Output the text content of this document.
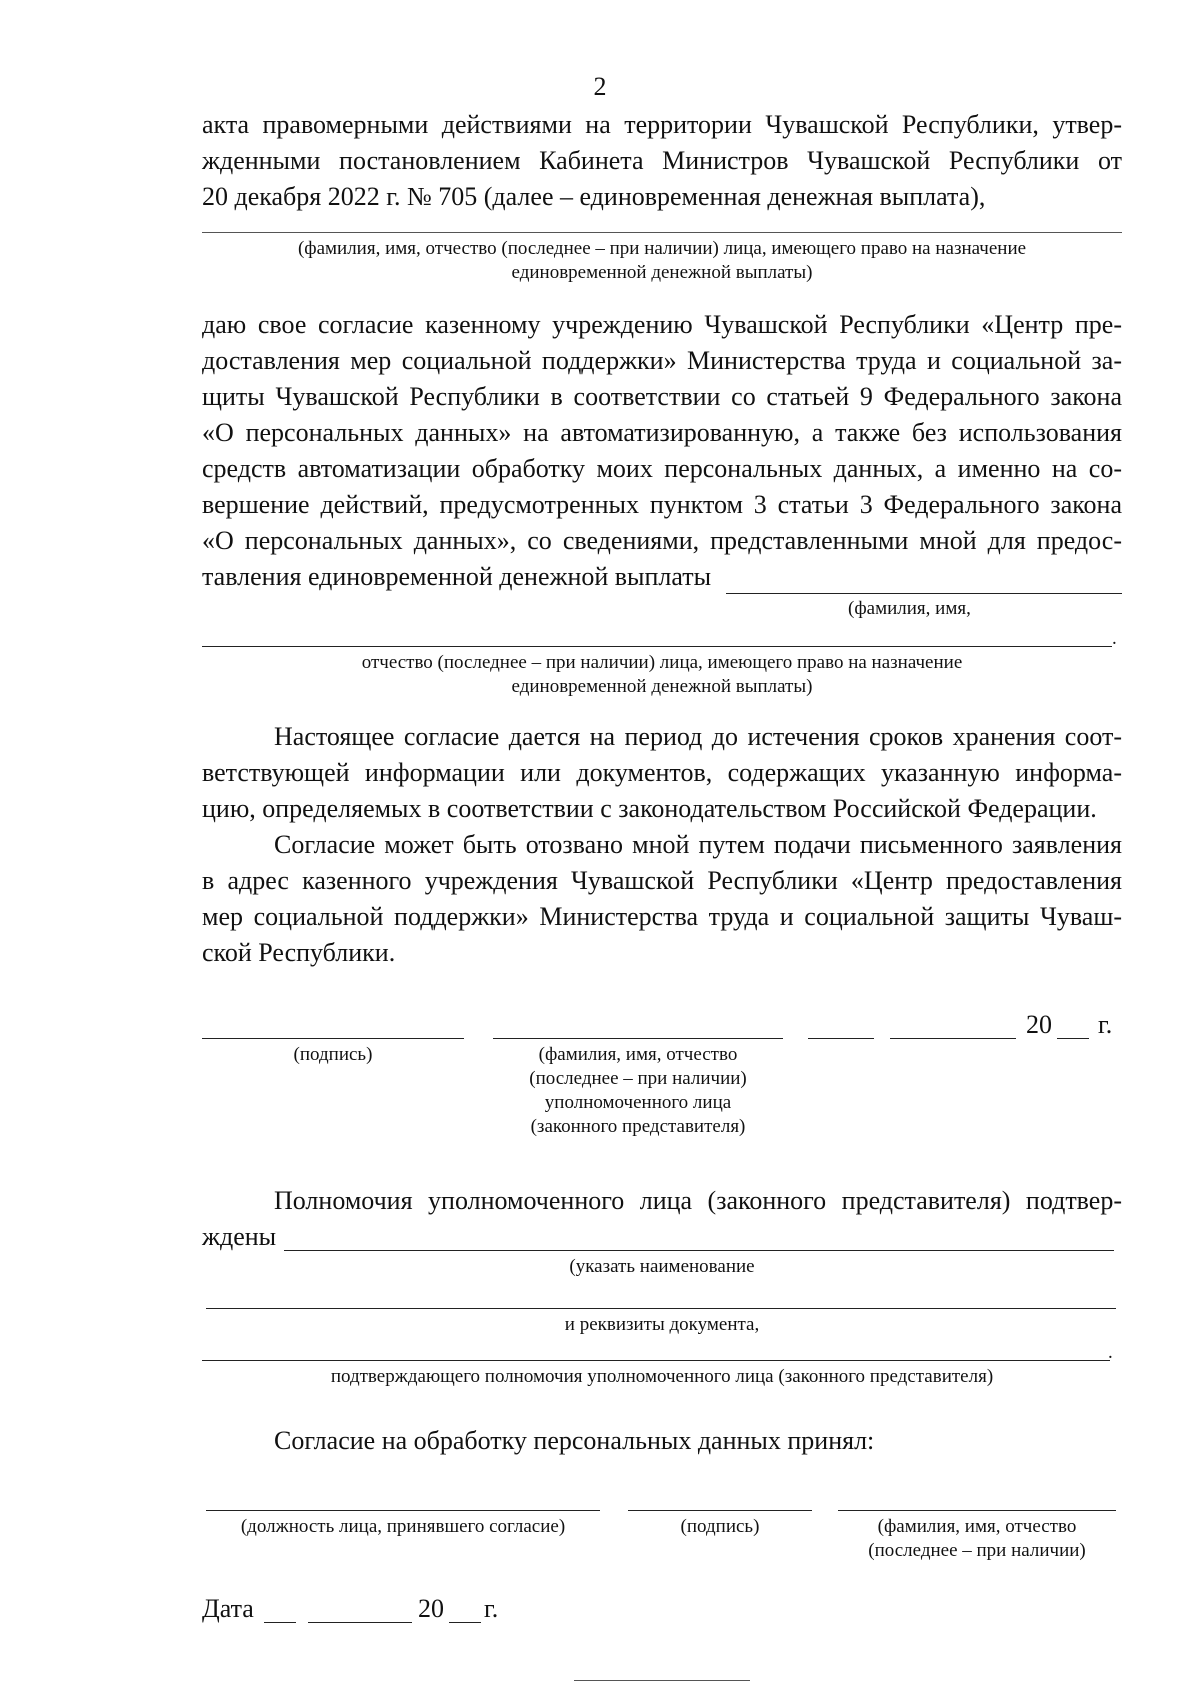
2
акта правомерными действиями на территории Чувашской Республики, утвер-
жденными постановлением Кабинета Министров Чувашской Республики от
20 декабря 2022 г. № 705 (далее – единовременная денежная выплата),
(фамилия, имя, отчество (последнее – при наличии) лица, имеющего право на назначение
единовременной денежной выплаты)
даю свое согласие казенному учреждению Чувашской Республики «Центр пре-
доставления мер социальной поддержки» Министерства труда и социальной за-
щиты Чувашской Республики в соответствии со статьей 9 Федерального закона
«О персональных данных» на автоматизированную, а также без использования
средств автоматизации обработку моих персональных данных, а именно на со-
вершение действий, предусмотренных пунктом 3 статьи 3 Федерального закона
«О персональных данных», со сведениями, представленными мной для предос-
тавления единовременной денежной выплаты
(фамилия, имя,
.
отчество (последнее – при наличии) лица, имеющего право на назначение
единовременной денежной выплаты)
Настоящее согласие дается на период до истечения сроков хранения соот-
ветствующей информации или документов, содержащих указанную информа-
цию, определяемых в соответствии с законодательством Российской Федерации.
Согласие может быть отозвано мной путем подачи письменного заявления
в адрес казенного учреждения Чувашской Республики «Центр предоставления
мер социальной поддержки» Министерства труда и социальной защиты Чуваш-
ской Республики.
20 г.
(подпись)	(фамилия, имя, отчество
(последнее – при наличии)
уполномоченного лица
(законного представителя)
Полномочия уполномоченного лица (законного представителя) подтвер-
ждены
(указать наименование
и реквизиты документа,
.
подтверждающего полномочия уполномоченного лица (законного представителя)
Согласие на обработку персональных данных принял:
(должность лица, принявшего согласие)	(подпись)	(фамилия, имя, отчество
(последнее – при наличии)
Дата	20 г.
